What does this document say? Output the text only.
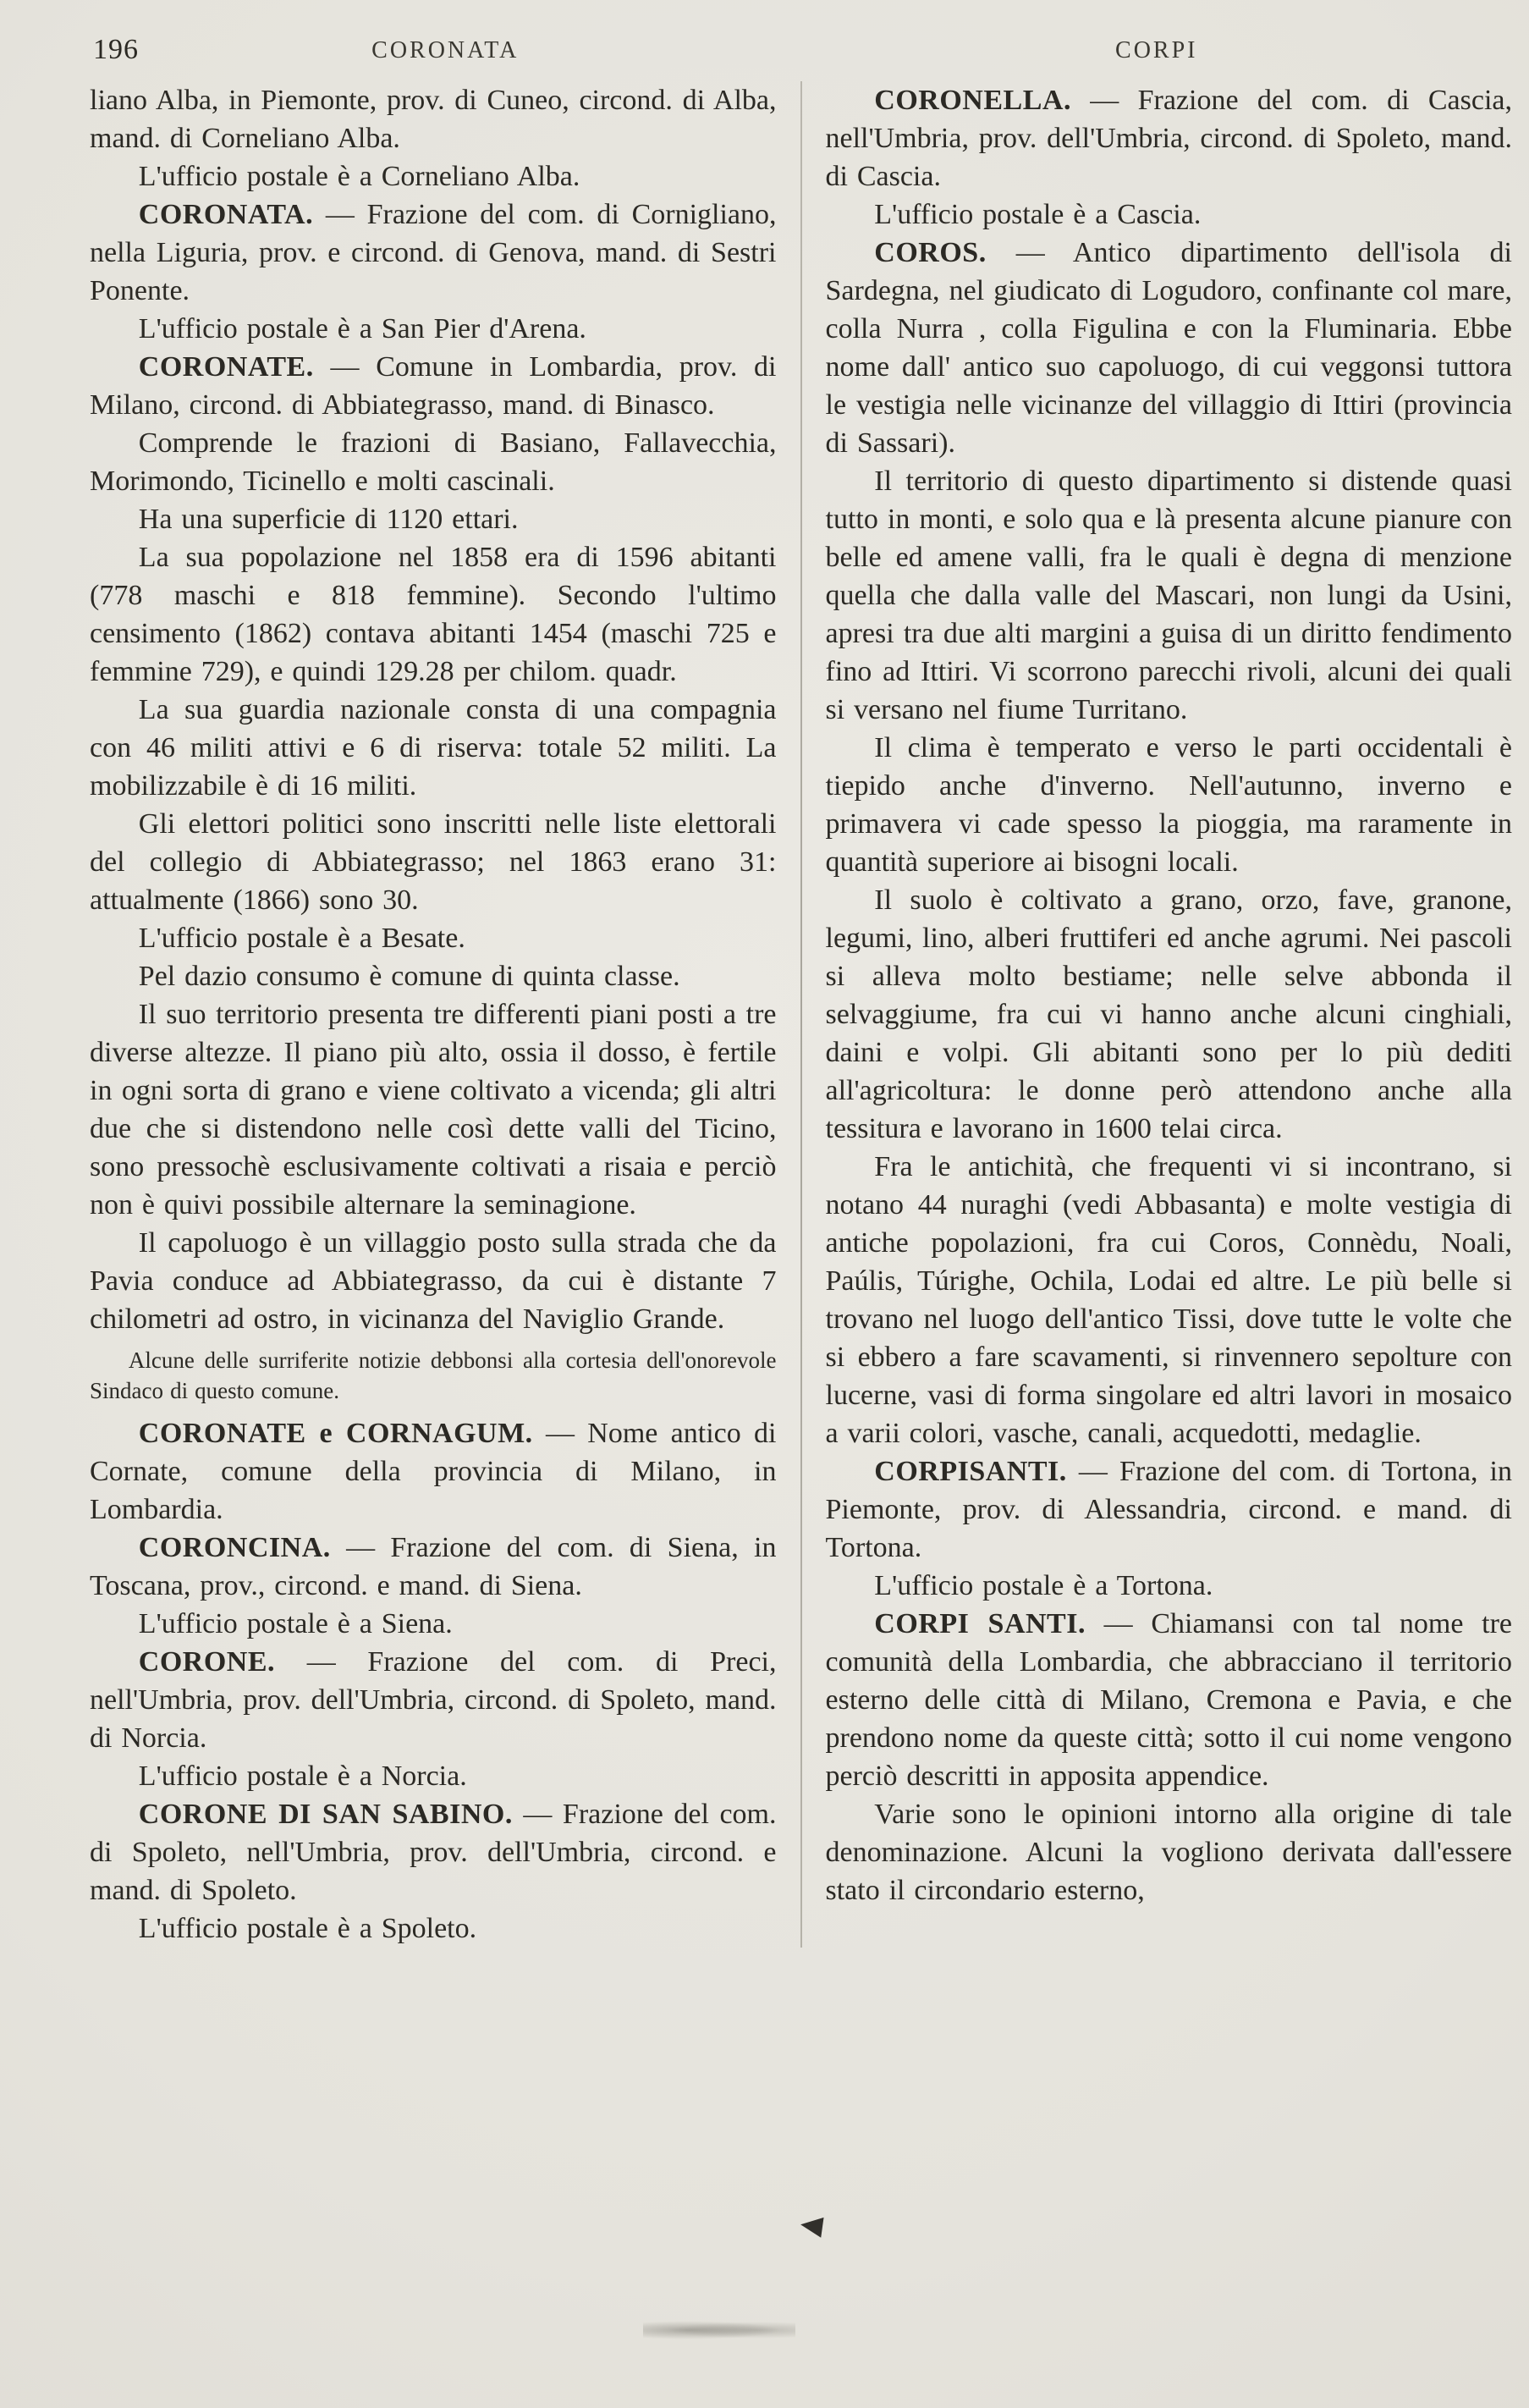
196	CORONATA	CORPI

liano Alba, in Piemonte, prov. di Cuneo, circond. di Alba, mand. di Corneliano Alba.

L'ufficio postale è a Corneliano Alba.

CORONATA. — Frazione del com. di Cornigliano, nella Liguria, prov. e circond. di Genova, mand. di Sestri Ponente.

L'ufficio postale è a San Pier d'Arena.

CORONATE. — Comune in Lombardia, prov. di Milano, circond. di Abbiategrasso, mand. di Binasco.

Comprende le frazioni di Basiano, Fallavecchia, Morimondo, Ticinello e molti cascinali.

Ha una superficie di 1120 ettari.

La sua popolazione nel 1858 era di 1596 abitanti (778 maschi e 818 femmine). Secondo l'ultimo censimento (1862) contava abitanti 1454 (maschi 725 e femmine 729), e quindi 129.28 per chilom. quadr.

La sua guardia nazionale consta di una compagnia con 46 militi attivi e 6 di riserva: totale 52 militi. La mobilizzabile è di 16 militi.

Gli elettori politici sono inscritti nelle liste elettorali del collegio di Abbiategrasso; nel 1863 erano 31: attualmente (1866) sono 30.

L'ufficio postale è a Besate.

Pel dazio consumo è comune di quinta classe.

Il suo territorio presenta tre differenti piani posti a tre diverse altezze. Il piano più alto, ossia il dosso, è fertile in ogni sorta di grano e viene coltivato a vicenda; gli altri due che si distendono nelle così dette valli del Ticino, sono pressochè esclusivamente coltivati a risaia e perciò non è quivi possibile alternare la seminagione.

Il capoluogo è un villaggio posto sulla strada che da Pavia conduce ad Abbiategrasso, da cui è distante 7 chilometri ad ostro, in vicinanza del Naviglio Grande.

Alcune delle surriferite notizie debbonsi alla cortesia dell'onorevole Sindaco di questo comune.

CORONATE e CORNAGUM. — Nome antico di Cornate, comune della provincia di Milano, in Lombardia.

CORONCINA. — Frazione del com. di Siena, in Toscana, prov., circond. e mand. di Siena.

L'ufficio postale è a Siena.

CORONE. — Frazione del com. di Preci, nell'Umbria, prov. dell'Umbria, circond. di Spoleto, mand. di Norcia.

L'ufficio postale è a Norcia.

CORONE DI SAN SABINO. — Frazione del com. di Spoleto, nell'Umbria, prov. dell'Umbria, circond. e mand. di Spoleto.

L'ufficio postale è a Spoleto.

CORONELLA. — Frazione del com. di Cascia, nell'Umbria, prov. dell'Umbria, circond. di Spoleto, mand. di Cascia.

L'ufficio postale è a Cascia.

COROS. — Antico dipartimento dell'isola di Sardegna, nel giudicato di Logudoro, confinante col mare, colla Nurra , colla Figulina e con la Fluminaria. Ebbe nome dall' antico suo capoluogo, di cui veggonsi tuttora le vestigia nelle vicinanze del villaggio di Ittiri (provincia di Sassari).

Il territorio di questo dipartimento si distende quasi tutto in monti, e solo qua e là presenta alcune pianure con belle ed amene valli, fra le quali è degna di menzione quella che dalla valle del Mascari, non lungi da Usini, apresi tra due alti margini a guisa di un diritto fendimento fino ad Ittiri. Vi scorrono parecchi rivoli, alcuni dei quali si versano nel fiume Turritano.

Il clima è temperato e verso le parti occidentali è tiepido anche d'inverno. Nell'autunno, inverno e primavera vi cade spesso la pioggia, ma raramente in quantità superiore ai bisogni locali.

Il suolo è coltivato a grano, orzo, fave, granone, legumi, lino, alberi fruttiferi ed anche agrumi. Nei pascoli si alleva molto bestiame; nelle selve abbonda il selvaggiume, fra cui vi hanno anche alcuni cinghiali, daini e volpi. Gli abitanti sono per lo più dediti all'agricoltura: le donne però attendono anche alla tessitura e lavorano in 1600 telai circa.

Fra le antichità, che frequenti vi si incontrano, si notano 44 nuraghi (vedi Abbasanta) e molte vestigia di antiche popolazioni, fra cui Coros, Connèdu, Noali, Paúlis, Túrighe, Ochila, Lodai ed altre. Le più belle si trovano nel luogo dell'antico Tissi, dove tutte le volte che si ebbero a fare scavamenti, si rinvennero sepolture con lucerne, vasi di forma singolare ed altri lavori in mosaico a varii colori, vasche, canali, acquedotti, medaglie.

CORPISANTI. — Frazione del com. di Tortona, in Piemonte, prov. di Alessandria, circond. e mand. di Tortona.

L'ufficio postale è a Tortona.

CORPI SANTI. — Chiamansi con tal nome tre comunità della Lombardia, che abbracciano il territorio esterno delle città di Milano, Cremona e Pavia, e che prendono nome da queste città; sotto il cui nome vengono perciò descritti in apposita appendice.

Varie sono le opinioni intorno alla origine di tale denominazione. Alcuni la vogliono derivata dall'essere stato il circondario esterno,
